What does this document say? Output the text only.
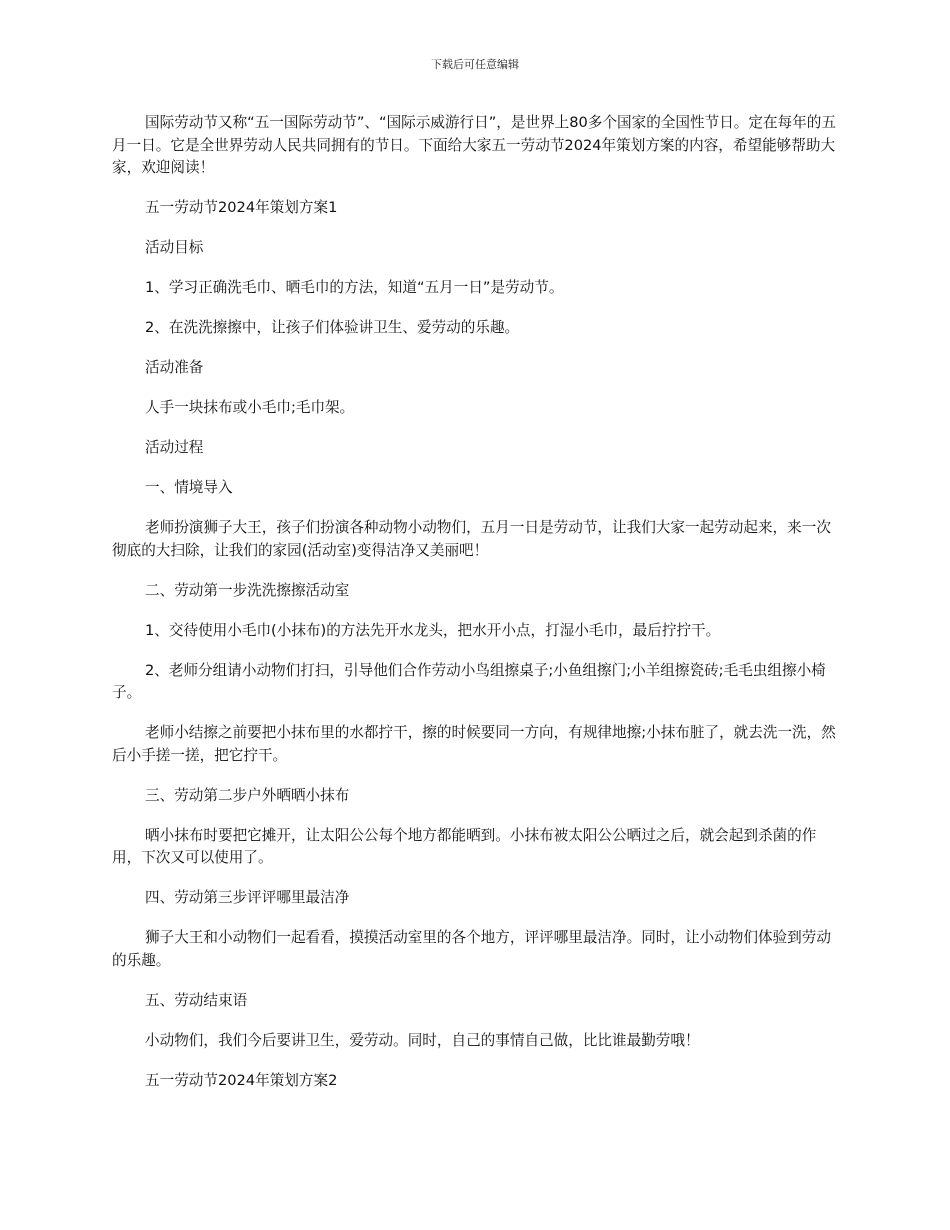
下载后可任意编辑

国际劳动节又称“五一国际劳动节”、“国际示威游行日”，是世界上80多个国家的全国性节日。定在每年的五月一日。它是全世界劳动人民共同拥有的节日。下面给大家五一劳动节2024年策划方案的内容，希望能够帮助大家，欢迎阅读！

五一劳动节2024年策划方案1

活动目标

1、学习正确洗毛巾、晒毛巾的方法，知道“五月一日”是劳动节。

2、在洗洗擦擦中，让孩子们体验讲卫生、爱劳动的乐趣。

活动准备

人手一块抹布或小毛巾;毛巾架。

活动过程

一、情境导入

老师扮演狮子大王，孩子们扮演各种动物小动物们，五月一日是劳动节，让我们大家一起劳动起来，来一次彻底的大扫除，让我们的家园(活动室)变得洁净又美丽吧！

二、劳动第一步洗洗擦擦活动室

1、交待使用小毛巾(小抹布)的方法先开水龙头，把水开小点，打湿小毛巾，最后拧拧干。

2、老师分组请小动物们打扫，引导他们合作劳动小鸟组擦桌子;小鱼组擦门;小羊组擦瓷砖;毛毛虫组擦小椅子。

老师小结擦之前要把小抹布里的水都拧干，擦的时候要同一方向，有规律地擦;小抹布脏了，就去洗一洗，然后小手搓一搓，把它拧干。

三、劳动第二步户外晒晒小抹布

晒小抹布时要把它摊开，让太阳公公每个地方都能晒到。小抹布被太阳公公晒过之后，就会起到杀菌的作用，下次又可以使用了。

四、劳动第三步评评哪里最洁净

狮子大王和小动物们一起看看，摸摸活动室里的各个地方，评评哪里最洁净。同时，让小动物们体验到劳动的乐趣。

五、劳动结束语

小动物们，我们今后要讲卫生，爱劳动。同时，自己的事情自己做，比比谁最勤劳哦！

五一劳动节2024年策划方案2
